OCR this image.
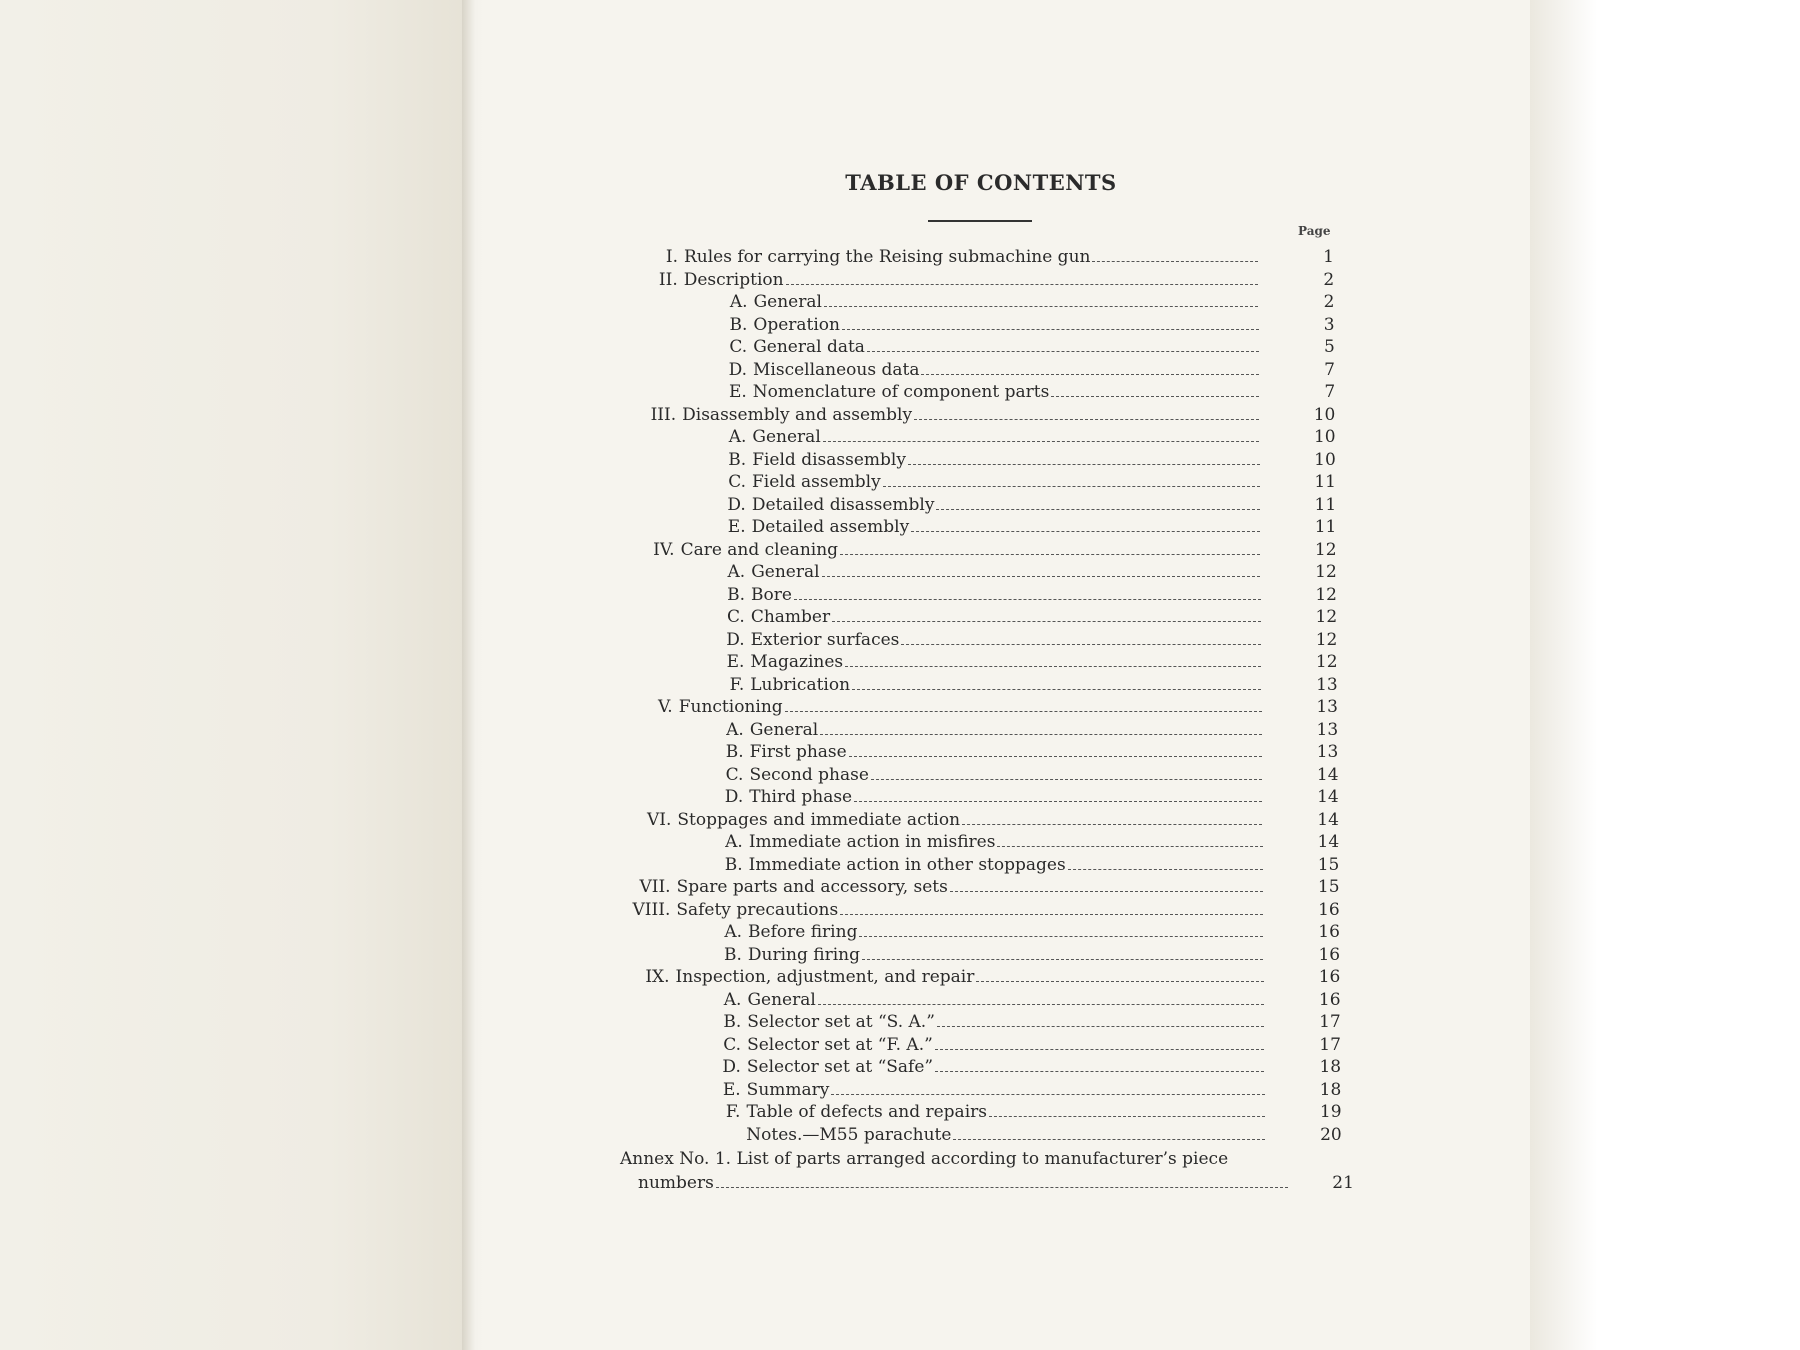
TABLE OF CONTENTS
Page
I. Rules for carrying the Reising submachine gun	1
II. Description	2
A. General	2
B. Operation	3
C. General data	5
D. Miscellaneous data	7
E. Nomenclature of component parts	7
III. Disassembly and assembly	10
A. General	10
B. Field disassembly	10
C. Field assembly	11
D. Detailed disassembly	11
E. Detailed assembly	11
IV. Care and cleaning	12
A. General	12
B. Bore	12
C. Chamber	12
D. Exterior surfaces	12
E. Magazines	12
F. Lubrication	13
V. Functioning	13
A. General	13
B. First phase	13
C. Second phase	14
D. Third phase	14
VI. Stoppages and immediate action	14
A. Immediate action in misfires	14
B. Immediate action in other stoppages	15
VII. Spare parts and accessory, sets	15
VIII. Safety precautions	16
A. Before firing	16
B. During firing	16
IX. Inspection, adjustment, and repair	16
A. General	16
B. Selector set at “S. A.”	17
C. Selector set at “F. A.”	17
D. Selector set at “Safe”	18
E. Summary	18
F. Table of defects and repairs	19
Notes.—M55 parachute	20
Annex No. 1. List of parts arranged according to manufacturer’s piece
numbers	21
